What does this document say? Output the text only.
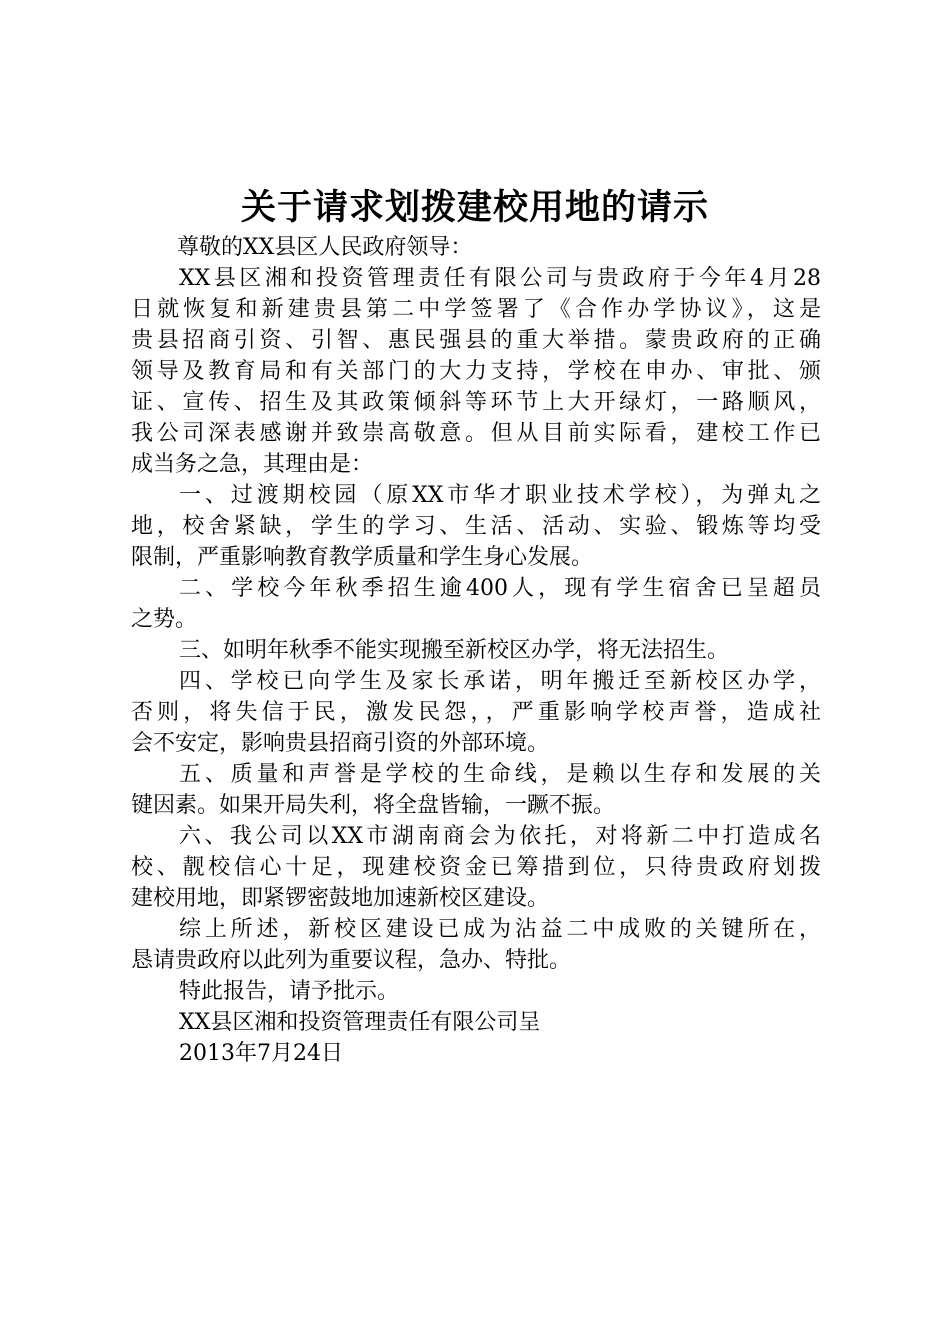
关于请求划拨建校用地的请示
尊敬的XX县区人民政府领导：
XX县区湘和投资管理责任有限公司与贵政府于今年4月28
日就恢复和新建贵县第二中学签署了《合作办学协议》，这是
贵县招商引资、引智、惠民强县的重大举措。蒙贵政府的正确
领导及教育局和有关部门的大力支持，学校在申办、审批、颁
证、宣传、招生及其政策倾斜等环节上大开绿灯，一路顺风，
我公司深表感谢并致崇高敬意。但从目前实际看，建校工作已
成当务之急，其理由是：
一、过渡期校园（原XX市华才职业技术学校），为弹丸之
地，校舍紧缺，学生的学习、生活、活动、实验、锻炼等均受
限制，严重影响教育教学质量和学生身心发展。
二、学校今年秋季招生逾400人，现有学生宿舍已呈超员
之势。
三、如明年秋季不能实现搬至新校区办学，将无法招生。
四、学校已向学生及家长承诺，明年搬迁至新校区办学，
否则，将失信于民，激发民怨，，严重影响学校声誉，造成社
会不安定，影响贵县招商引资的外部环境。
五、质量和声誉是学校的生命线，是赖以生存和发展的关
键因素。如果开局失利，将全盘皆输，一蹶不振。
六、我公司以XX市湖南商会为依托，对将新二中打造成名
校、靓校信心十足，现建校资金已筹措到位，只待贵政府划拨
建校用地，即紧锣密鼓地加速新校区建设。
综上所述，新校区建设已成为沾益二中成败的关键所在，
恳请贵政府以此列为重要议程，急办、特批。
特此报告，请予批示。
XX县区湘和投资管理责任有限公司呈
2013年7月24日
